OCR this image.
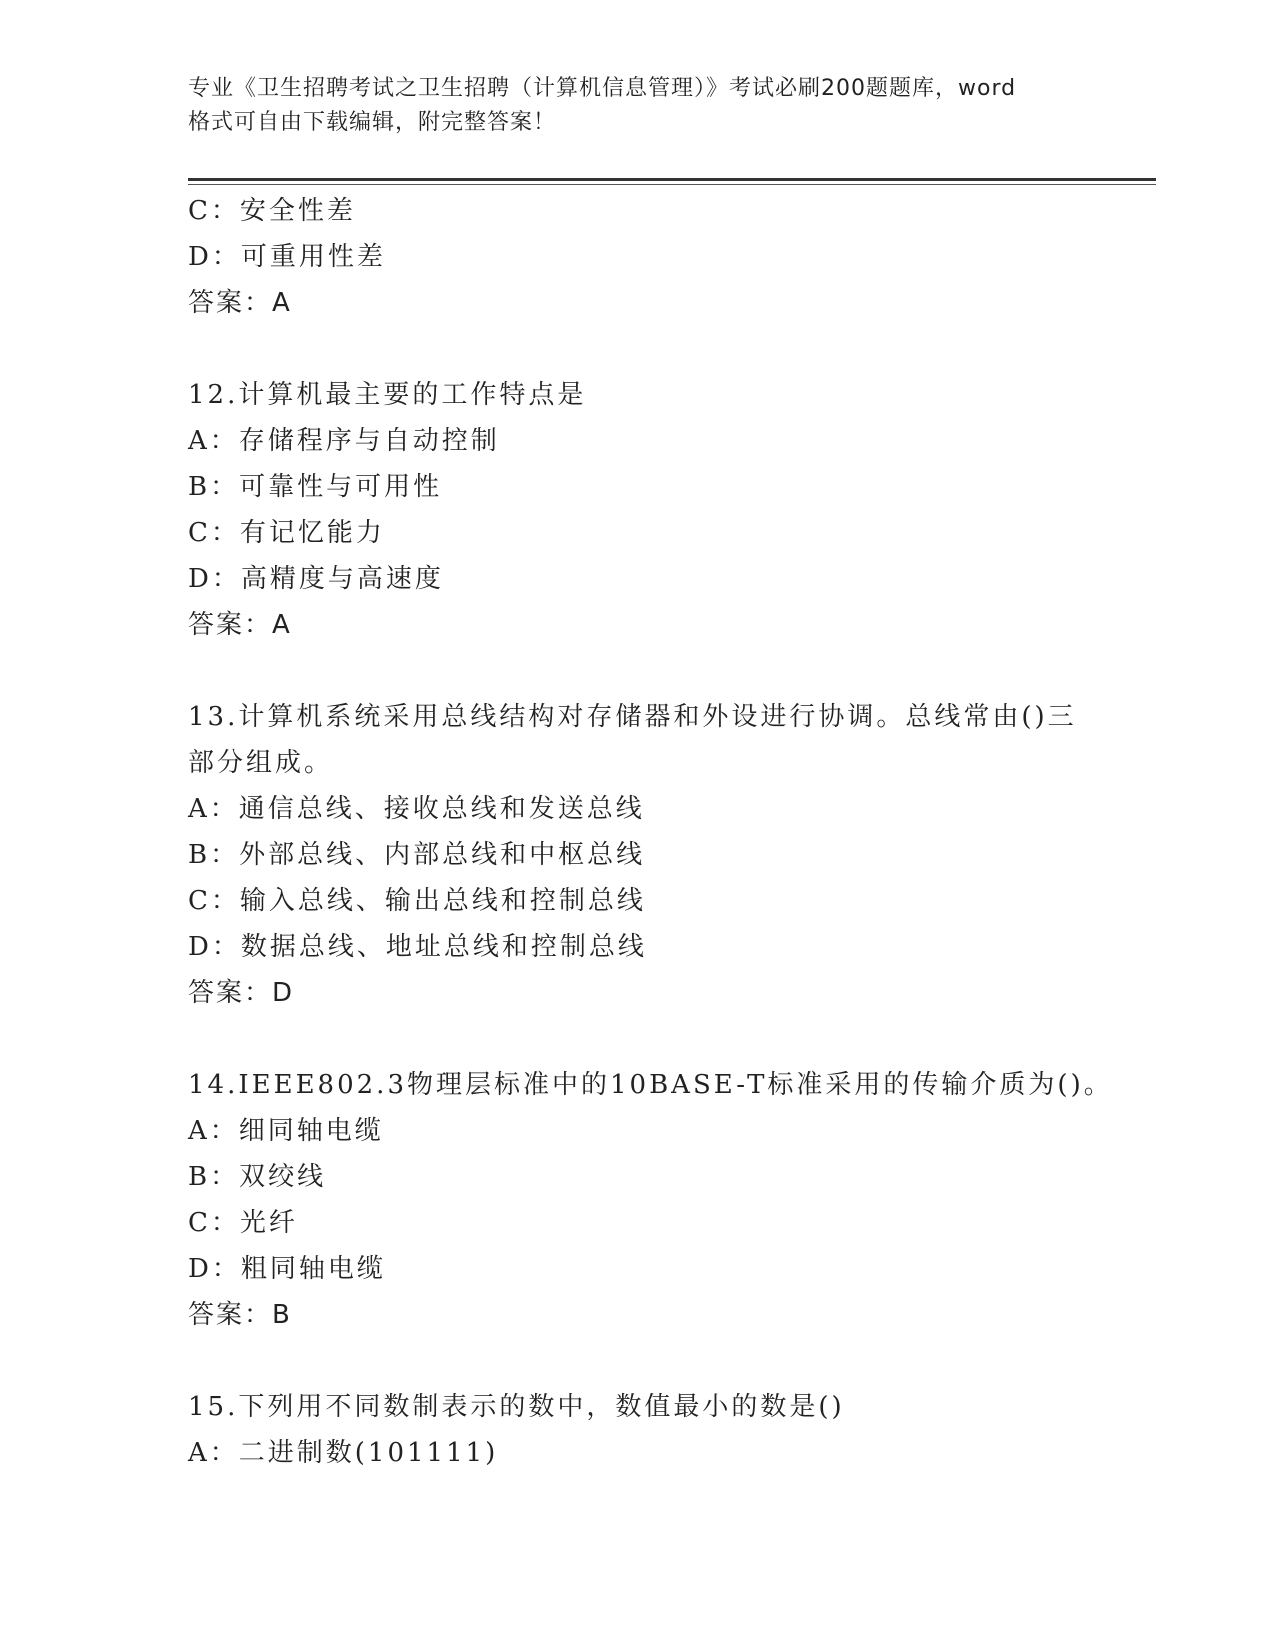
专业《卫生招聘考试之卫生招聘（计算机信息管理）》考试必刷200题题库，word
格式可自由下载编辑，附完整答案！
C：安全性差
D：可重用性差
答案：A
12.计算机最主要的工作特点是
A：存储程序与自动控制
B：可靠性与可用性
C：有记忆能力
D：高精度与高速度
答案：A
13.计算机系统采用总线结构对存储器和外设进行协调。总线常由()三
部分组成。
A：通信总线、接收总线和发送总线
B：外部总线、内部总线和中枢总线
C：输入总线、输出总线和控制总线
D：数据总线、地址总线和控制总线
答案：D
14.IEEE802.3物理层标准中的10BASE-T标准采用的传输介质为()。
A：细同轴电缆
B：双绞线
C：光纤
D：粗同轴电缆
答案：B
15.下列用不同数制表示的数中，数值最小的数是()
A：二进制数(101111)
